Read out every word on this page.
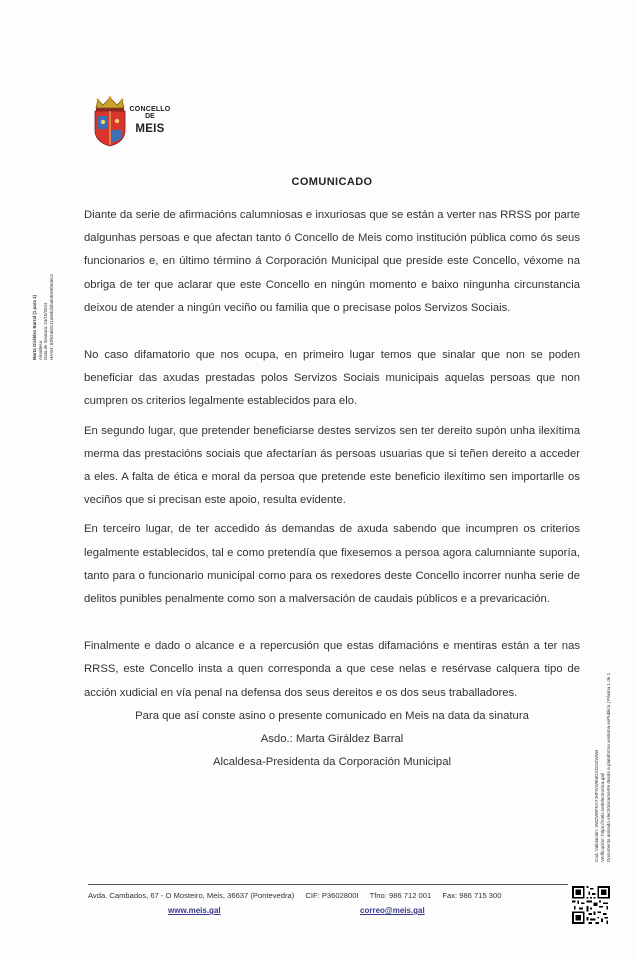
CONCELLO
DE
MEIS
Marta Giráldez Barral (1 para 1) Alcaldesa Data de Sinatura: 24/10/2024 HASH: 83fe2ab0c11a9ebd3babd0e906dec4
COMUNICADO

Diante da serie de afirmacións calumniosas e inxuriosas que se están a verter nas RRSS por parte dalgunhas persoas e que afectan tanto ó Concello de Meis como institución pública como ós seus funcionarios e, en último término á Corporación Municipal que preside este Concello, véxome na obriga de ter que aclarar que este Concello en ningún momento e baixo ningunha circunstancia deixou de atender a ningún veciño ou familia que o precisase polos Servizos Sociais.

No caso difamatorio que nos ocupa, en primeiro lugar temos que sinalar que non se poden beneficiar das axudas prestadas polos Servizos Sociais municipais aquelas persoas que non cumpren os criterios legalmente establecidos para elo.

En segundo lugar, que pretender beneficiarse destes servizos sen ter dereito supón unha ilexítima merma das prestacións sociais que afectarían ás persoas usuarias que si teñen dereito a acceder a eles. A falta de ética e moral da persoa que pretende este beneficio ilexítimo sen importarlle os veciños que si precisan este apoio, resulta evidente.

En terceiro lugar, de ter accedido ás demandas de axuda sabendo que incumpren os criterios legalmente establecidos, tal e como pretendía que fixesemos a persoa agora calumniante suporía, tanto para o funcionario municipal como para os rexedores deste Concello incorrer nunha serie de delitos punibles penalmente como son a malversación de caudais públicos e a prevaricación.

Finalmente e dado o alcance e a repercusión que estas difamacións e mentiras están a ter nas RRSS, este Concello insta a quen corresponda a que cese nelas e resérvase calquera tipo de acción xudicial en vía penal na defensa dos seus dereitos e os dos seus traballadores.

Para que así conste asino o presente comunicado en Meis na data da sinatura
Asdo.: Marta Giráldez Barral
Alcaldesa-Presidenta da Corporación Municipal	Cod. Validación: 3WZW6FKA7JHFGW9MGXGDZWM4 Verificación: https://meis.sedelectronica.gal/ Documento asinado electrónicamente desde a plataforma xestiona esPublico | Páxina 1 de 1
Avda. Cambados, 67 - O Mosteiro, Meis, 36637 (Pontevedra) CIF: P3602800I Tfno: 986 712 001 Fax: 986 715 300
www.meis.gal	correo@meis.gal
